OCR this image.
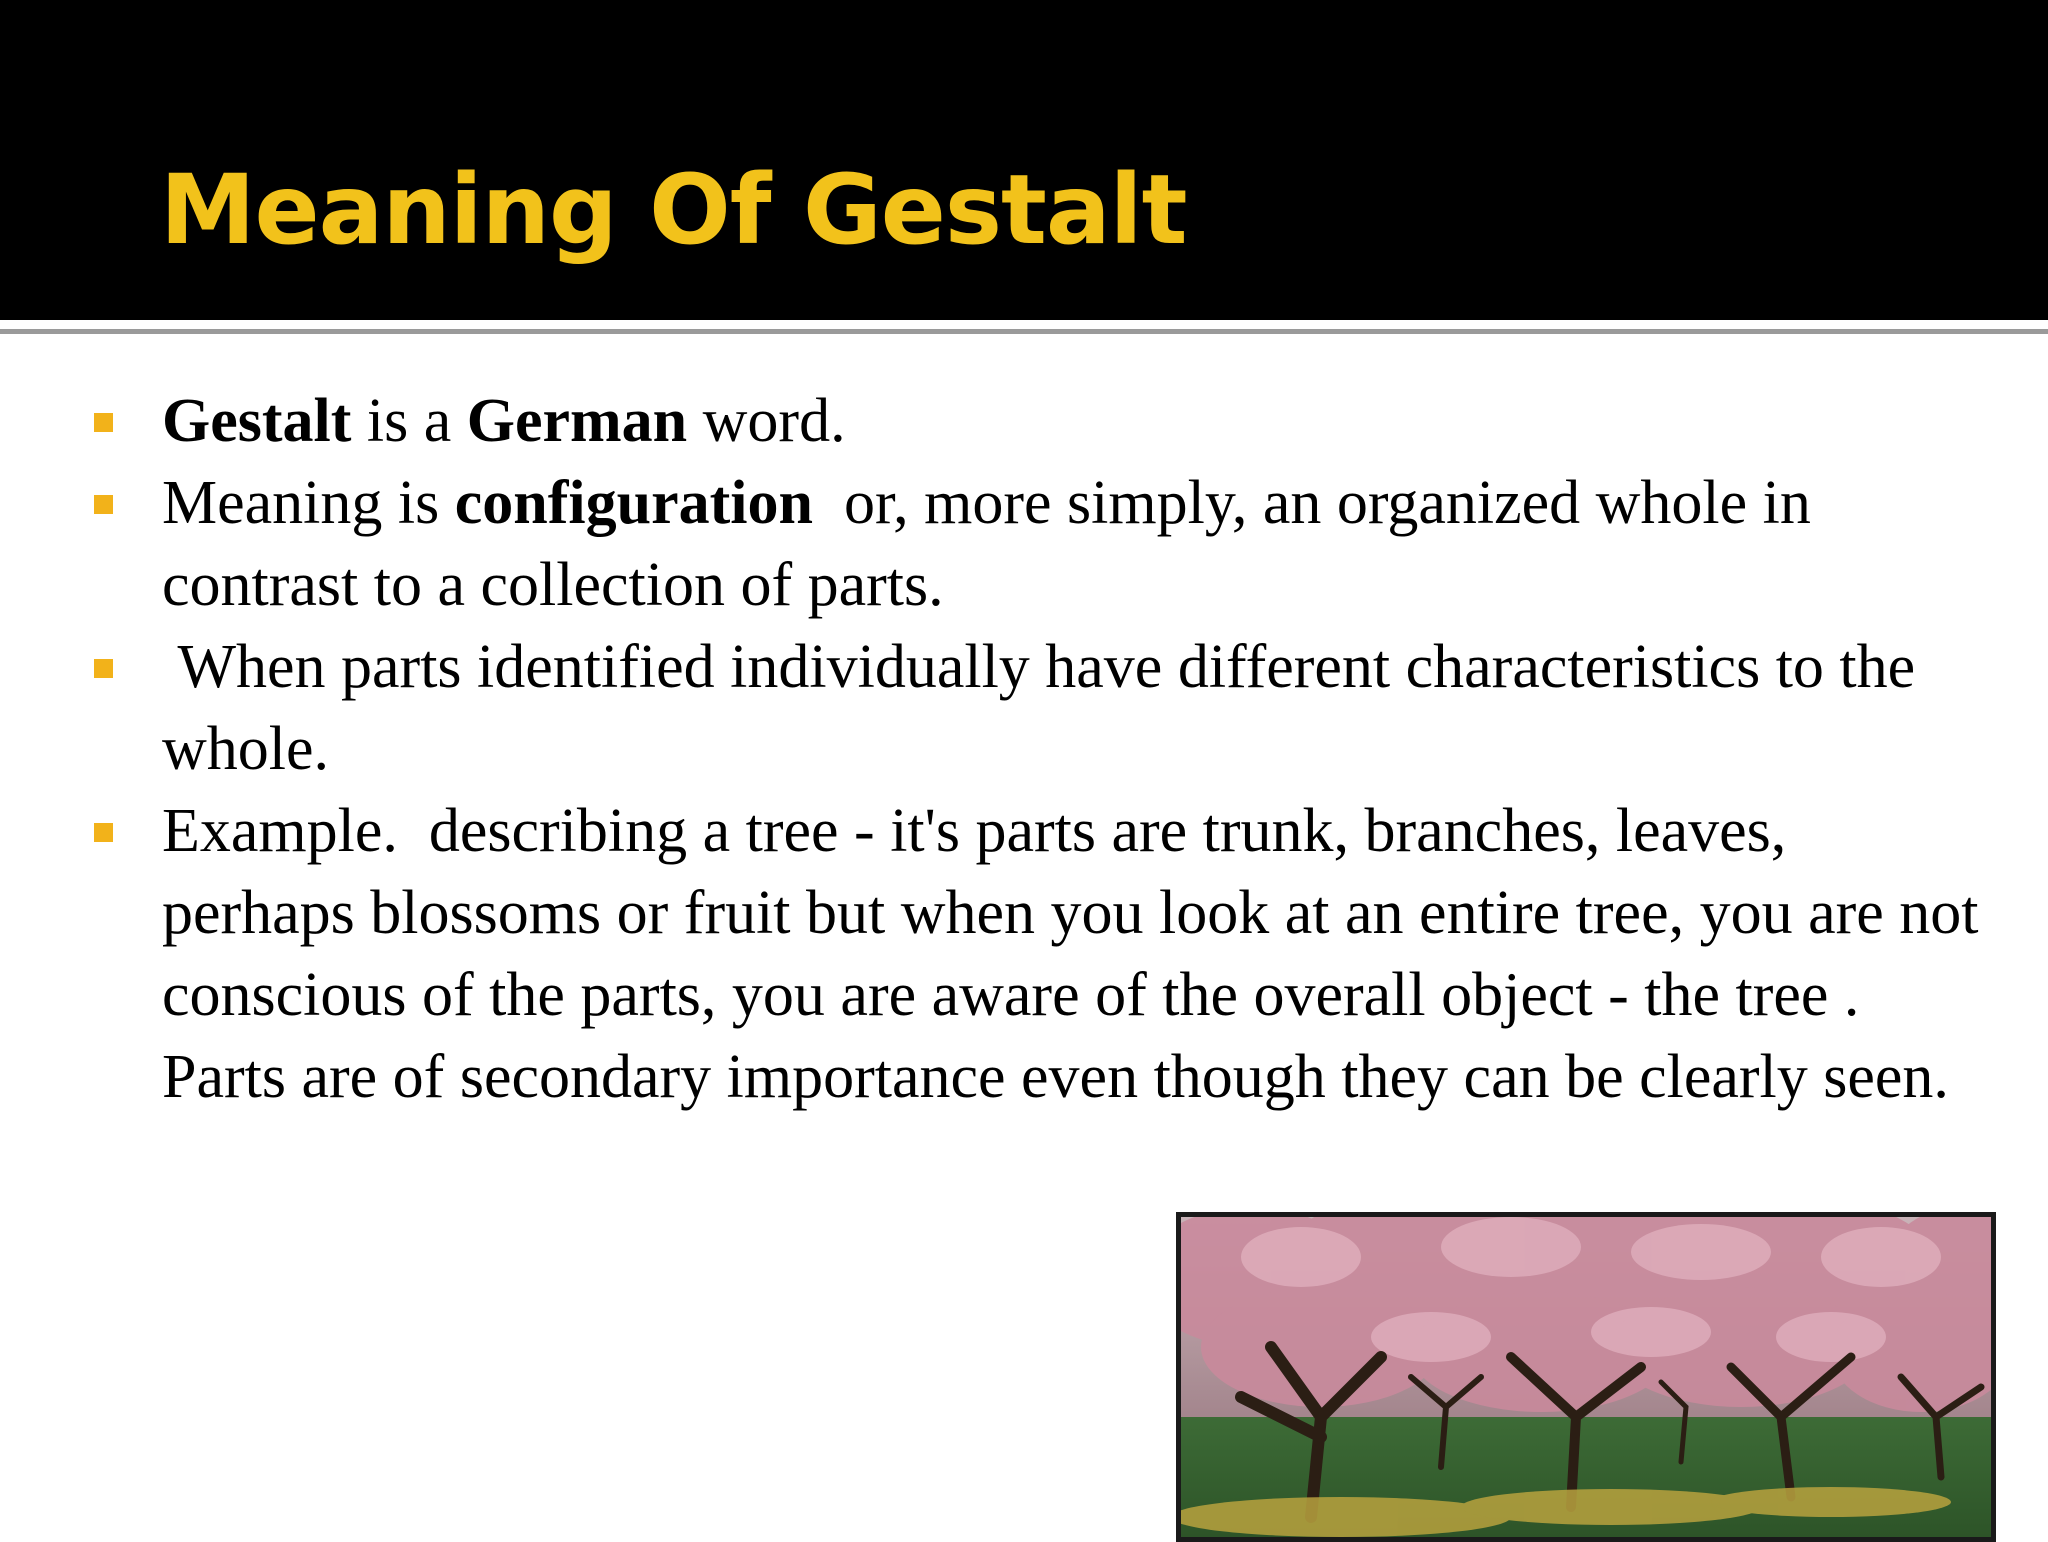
Meaning Of Gestalt
Gestalt is a German word.
Meaning is configuration  or, more simply, an organized whole in contrast to a collection of parts.
When parts identified individually have different characteristics to the whole.
Example.  describing a tree - it's parts are trunk, branches, leaves, perhaps blossoms or fruit but when you look at an entire tree, you are not conscious of the parts, you are aware of the overall object - the tree . Parts are of secondary importance even though they can be clearly seen.
